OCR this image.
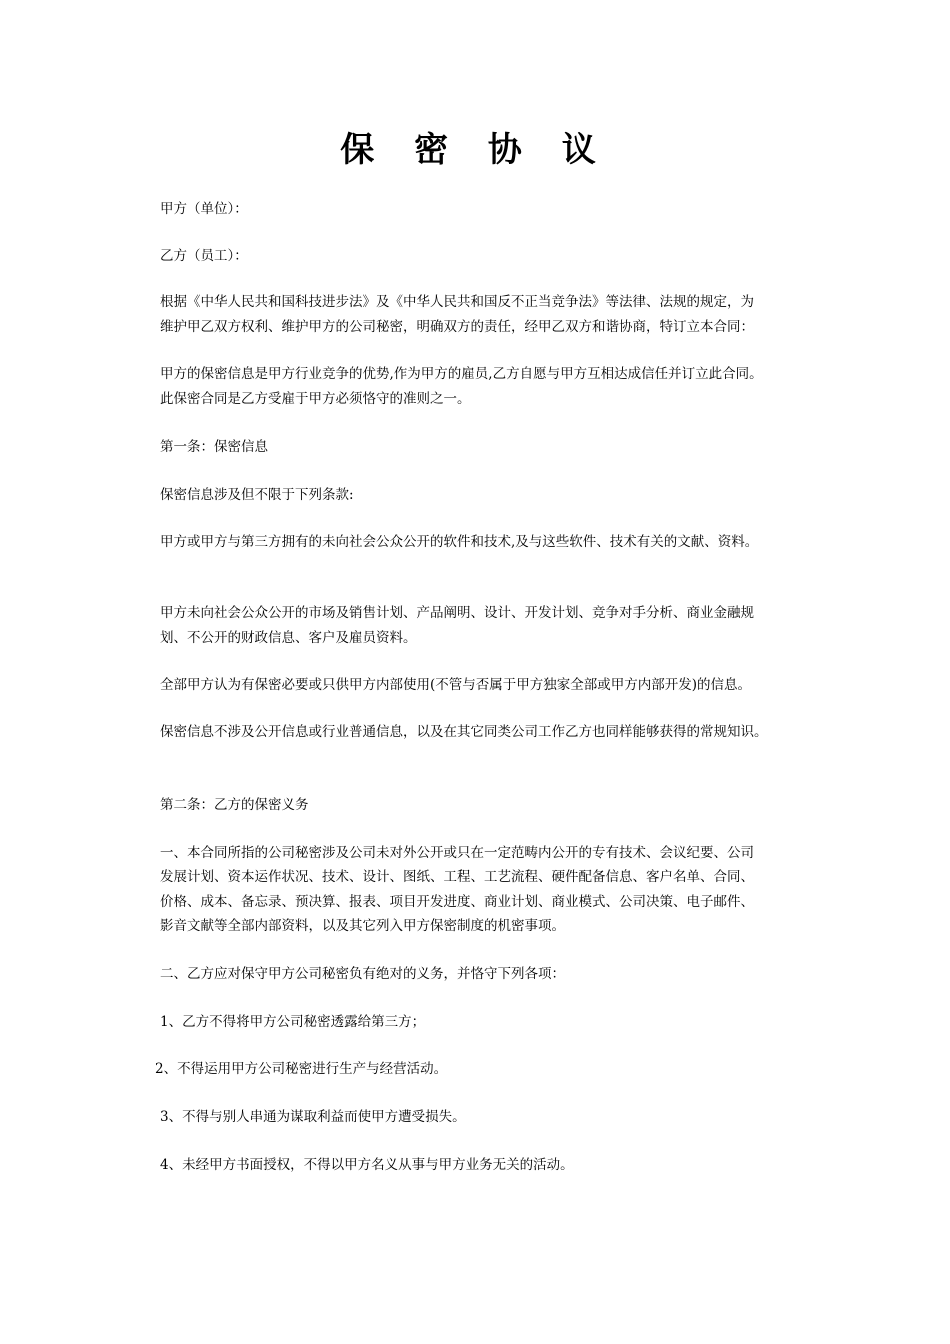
保 密 协 议
甲方（单位）：
乙方（员工）：
根据《中华人民共和国科技进步法》及《中华人民共和国反不正当竞争法》等法律、法规的规定，为
维护甲乙双方权利、维护甲方的公司秘密，明确双方的责任，经甲乙双方和谐协商，特订立本合同：
甲方的保密信息是甲方行业竞争的优势,作为甲方的雇员,乙方自愿与甲方互相达成信任并订立此合同。
此保密合同是乙方受雇于甲方必须恪守的准则之一。
第一条：保密信息
保密信息涉及但不限于下列条款:
甲方或甲方与第三方拥有的未向社会公众公开的软件和技术,及与这些软件、技术有关的文献、资料。
甲方未向社会公众公开的市场及销售计划、产品阐明、设计、开发计划、竞争对手分析、商业金融规
划、不公开的财政信息、客户及雇员资料。
全部甲方认为有保密必要或只供甲方内部使用(不管与否属于甲方独家全部或甲方内部开发)的信息。
保密信息不涉及公开信息或行业普通信息，以及在其它同类公司工作乙方也同样能够获得的常规知识。
第二条：乙方的保密义务
一、本合同所指的公司秘密涉及公司未对外公开或只在一定范畴内公开的专有技术、会议纪要、公司
发展计划、资本运作状况、技术、设计、图纸、工程、工艺流程、硬件配备信息、客户名单、合同、
价格、成本、备忘录、预决算、报表、项目开发进度、商业计划、商业模式、公司决策、电子邮件、
影音文献等全部内部资料，以及其它列入甲方保密制度的机密事项。
二、乙方应对保守甲方公司秘密负有绝对的义务，并恪守下列各项：
1、乙方不得将甲方公司秘密透露给第三方；
2、不得运用甲方公司秘密进行生产与经营活动。
3、不得与别人串通为谋取利益而使甲方遭受损失。
4、未经甲方书面授权，不得以甲方名义从事与甲方业务无关的活动。
